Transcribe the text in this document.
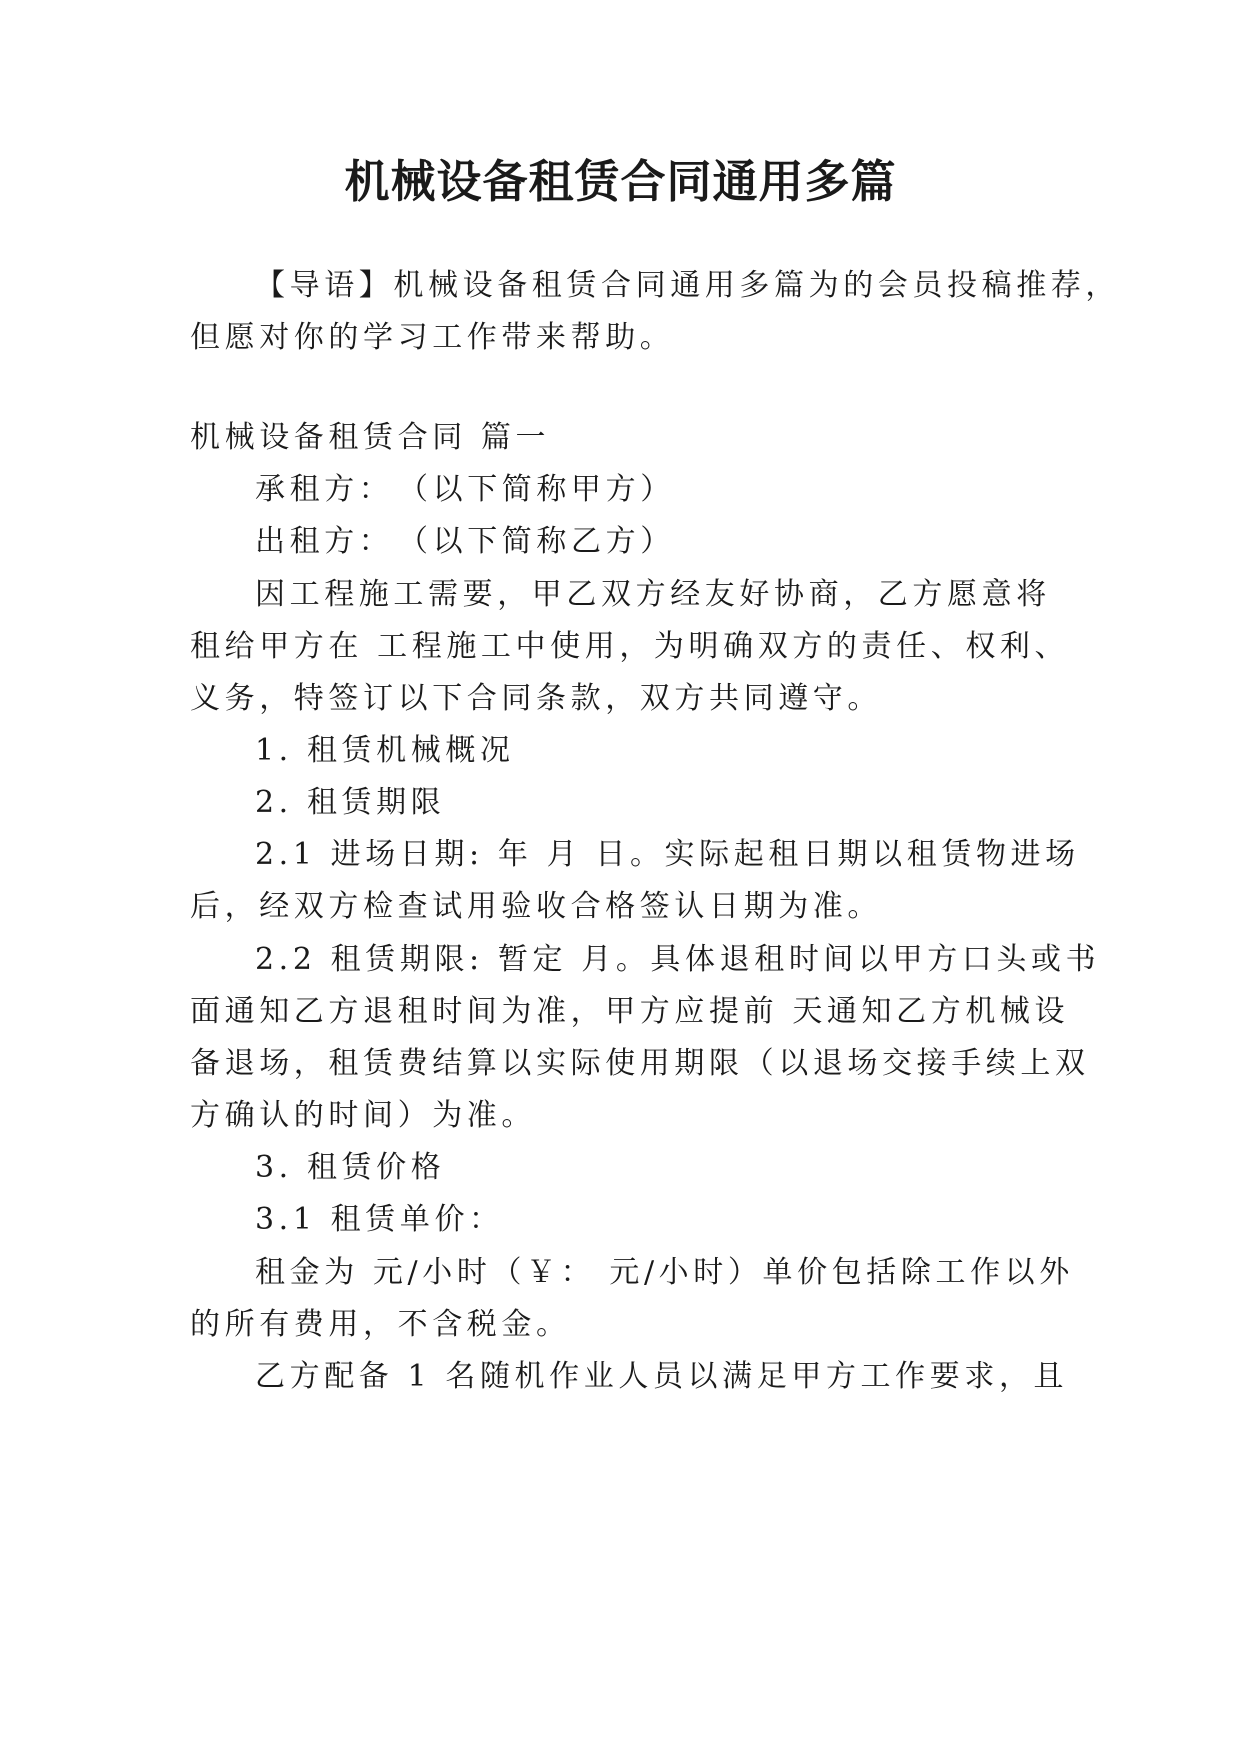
机械设备租赁合同通用多篇
【导语】机械设备租赁合同通用多篇为的会员投稿推荐，
但愿对你的学习工作带来帮助。
机械设备租赁合同 篇一
承租方：　（以下简称甲方）
出租方：　（以下简称乙方）
因工程施工需要，甲乙双方经友好协商，乙方愿意将
租给甲方在 工程施工中使用，为明确双方的责任、权利、
义务，特签订以下合同条款，双方共同遵守。
1. 租赁机械概况
2. 租赁期限
2.1 进场日期: 年 月 日。实际起租日期以租赁物进场
后，经双方检查试用验收合格签认日期为准。
2.2 租赁期限: 暂定 月。具体退租时间以甲方口头或书
面通知乙方退租时间为准，甲方应提前 天通知乙方机械设
备退场，租赁费结算以实际使用期限（以退场交接手续上双
方确认的时间）为准。
3. 租赁价格
3.1 租赁单价：
租金为 元/小时（￥： 元/小时）单价包括除工作以外
的所有费用，不含税金。
乙方配备 1 名随机作业人员以满足甲方工作要求，且
